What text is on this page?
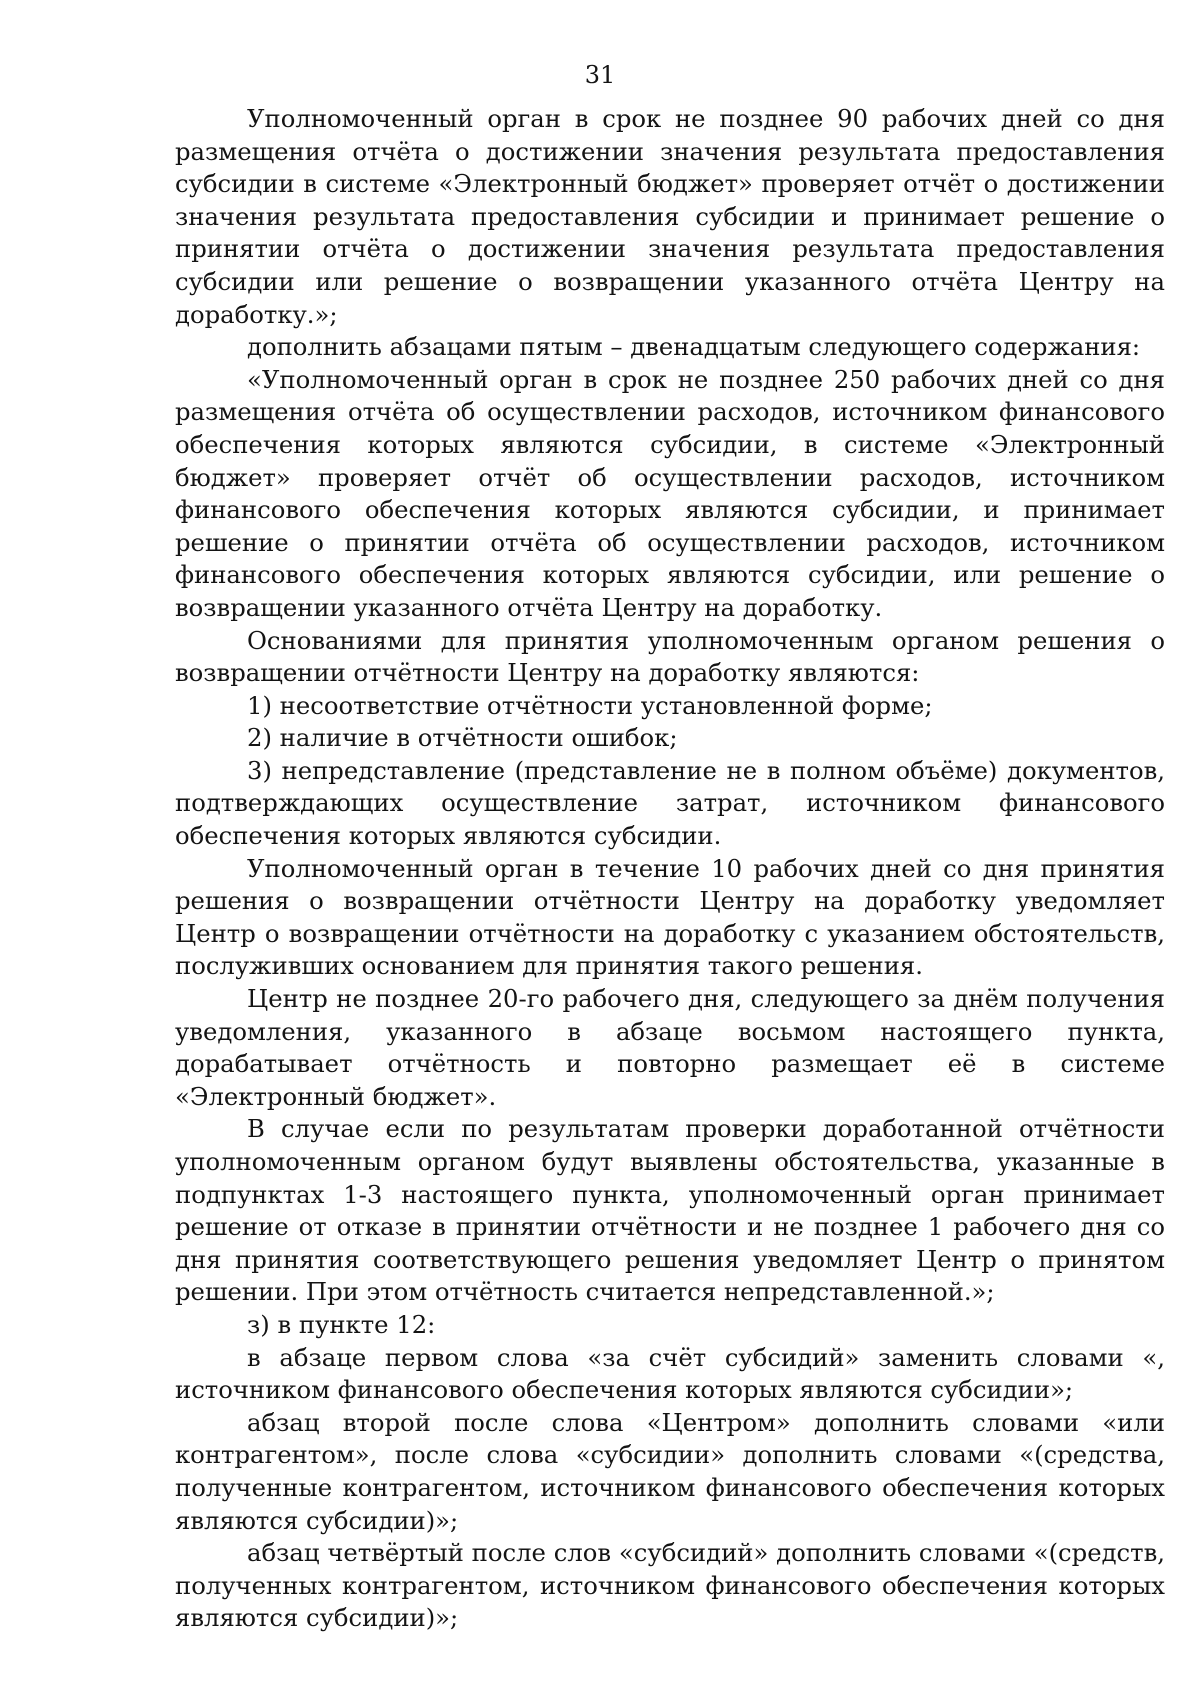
31

Уполномоченный орган в срок не позднее 90 рабочих дней со дня размещения отчёта о достижении значения результата предоставления субсидии в системе «Электронный бюджет» проверяет отчёт о достижении значения результата предоставления субсидии и принимает решение о принятии отчёта о достижении значения результата предоставления субсидии или решение о возвращении указанного отчёта Центру на доработку.»;

дополнить абзацами пятым – двенадцатым следующего содержания:

«Уполномоченный орган в срок не позднее 250 рабочих дней со дня размещения отчёта об осуществлении расходов, источником финансового обеспечения которых являются субсидии, в системе «Электронный бюджет» проверяет отчёт об осуществлении расходов, источником финансового обеспечения которых являются субсидии, и принимает решение о принятии отчёта об осуществлении расходов, источником финансового обеспечения которых являются субсидии, или решение о возвращении указанного отчёта Центру на доработку.

Основаниями для принятия уполномоченным органом решения о возвращении отчётности Центру на доработку являются:

1) несоответствие отчётности установленной форме;

2) наличие в отчётности ошибок;

3) непредставление (представление не в полном объёме) документов, подтверждающих осуществление затрат, источником финансового обеспечения которых являются субсидии.

Уполномоченный орган в течение 10 рабочих дней со дня принятия решения о возвращении отчётности Центру на доработку уведомляет Центр о возвращении отчётности на доработку с указанием обстоятельств, послуживших основанием для принятия такого решения.

Центр не позднее 20-го рабочего дня, следующего за днём получения уведомления, указанного в абзаце восьмом настоящего пункта, дорабатывает отчётность и повторно размещает её в системе «Электронный бюджет».

В случае если по результатам проверки доработанной отчётности уполномоченным органом будут выявлены обстоятельства, указанные в подпунктах 1-3 настоящего пункта, уполномоченный орган принимает решение от отказе в принятии отчётности и не позднее 1 рабочего дня со дня принятия соответствующего решения уведомляет Центр о принятом решении. При этом отчётность считается непредставленной.»;

з) в пункте 12:

в абзаце первом слова «за счёт субсидий» заменить словами «, источником финансового обеспечения которых являются субсидии»;

абзац второй после слова «Центром» дополнить словами «или контрагентом», после слова «субсидии» дополнить словами «(средства, полученные контрагентом, источником финансового обеспечения которых являются субсидии)»;

абзац четвёртый после слов «субсидий» дополнить словами «(средств, полученных контрагентом, источником финансового обеспечения которых являются субсидии)»;
